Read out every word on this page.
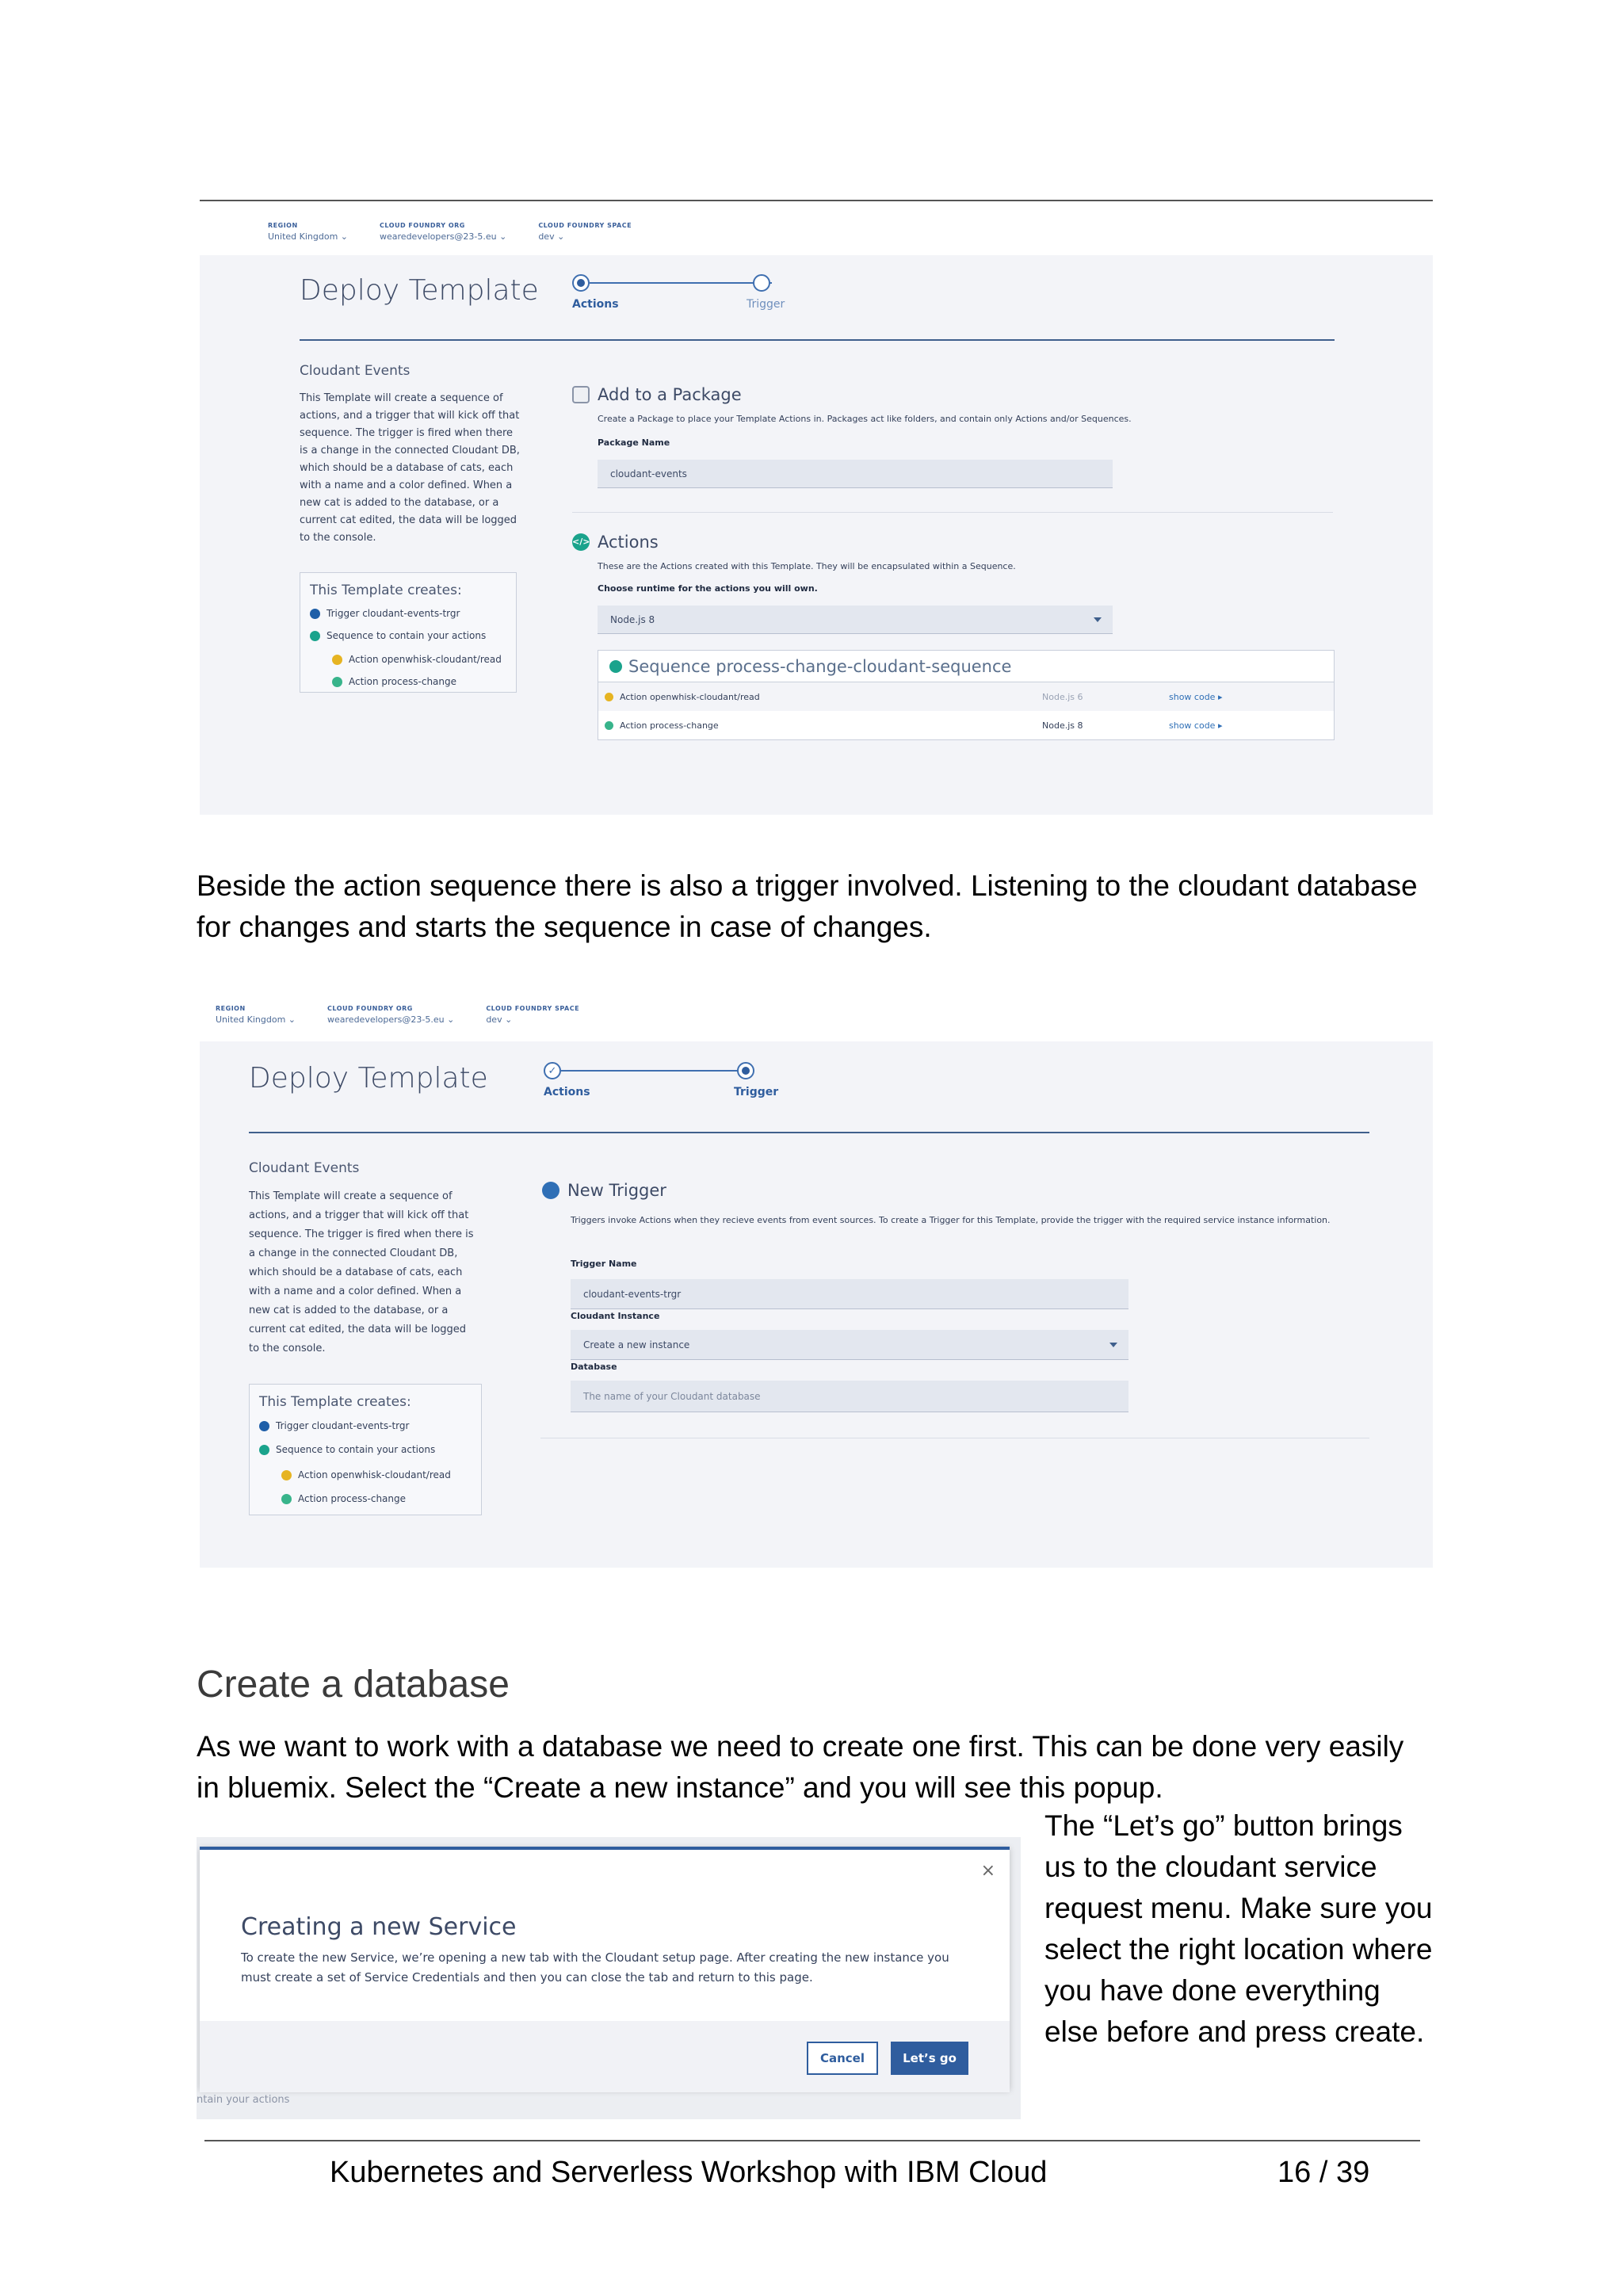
REGION
United Kingdom ⌄
CLOUD FOUNDRY ORG
wearedevelopers@23-5.eu ⌄
CLOUD FOUNDRY SPACE
dev ⌄
Deploy Template	Actions	Trigger
Cloudant Events
This Template will create a sequence of actions, and a trigger that will kick off that sequence. The trigger is fired when there is a change in the connected Cloudant DB, which should be a database of cats, each with a name and a color defined. When a new cat is added to the database, or a current cat edited, the data will be logged to the console.
This Template creates:
Trigger cloudant-events-trgr
Sequence to contain your actions
Action openwhisk-cloudant/read
Action process-change
Add to a Package
Create a Package to place your Template Actions in. Packages act like folders, and contain only Actions and/or Sequences.
Package Name
cloudant-events
</> Actions
These are the Actions created with this Template. They will be encapsulated within a Sequence.
Choose runtime for the actions you will own.
Node.js 8
Sequence process-change-cloudant-sequence
Action openwhisk-cloudant/read	Node.js 6	show code ▸
Action process-change	Node.js 8	show code ▸
Beside the action sequence there is also a trigger involved. Listening to the cloudant database for changes and starts the sequence in case of changes.
REGION
United Kingdom ⌄
CLOUD FOUNDRY ORG
wearedevelopers@23-5.eu ⌄
CLOUD FOUNDRY SPACE
dev ⌄
Deploy Template	✓
Actions	Trigger
Cloudant Events
This Template will create a sequence of actions, and a trigger that will kick off that sequence. The trigger is fired when there is a change in the connected Cloudant DB, which should be a database of cats, each with a name and a color defined. When a new cat is added to the database, or a current cat edited, the data will be logged to the console.
This Template creates:
Trigger cloudant-events-trgr
Sequence to contain your actions
Action openwhisk-cloudant/read
Action process-change
New Trigger
Triggers invoke Actions when they recieve events from event sources. To create a Trigger for this Template, provide the trigger with the required service instance information.
Trigger Name
cloudant-events-trgr
Cloudant Instance
Create a new instance
Database
The name of your Cloudant database
Create a database
As we want to work with a database we need to create one first. This can be done very easily in bluemix. Select the “Create a new instance” and you will see this popup.
×
Creating a new Service
To create the new Service, we’re opening a new tab with the Cloudant setup page. After creating the new instance you must create a set of Service Credentials and then you can close the tab and return to this page.
Cancel	Let’s go
ntain your actions
The “Let’s go” button brings us to the cloudant service request menu. Make sure you select the right location where you have done everything else before and press create.
Kubernetes and Serverless Workshop with IBM Cloud	16 / 39
